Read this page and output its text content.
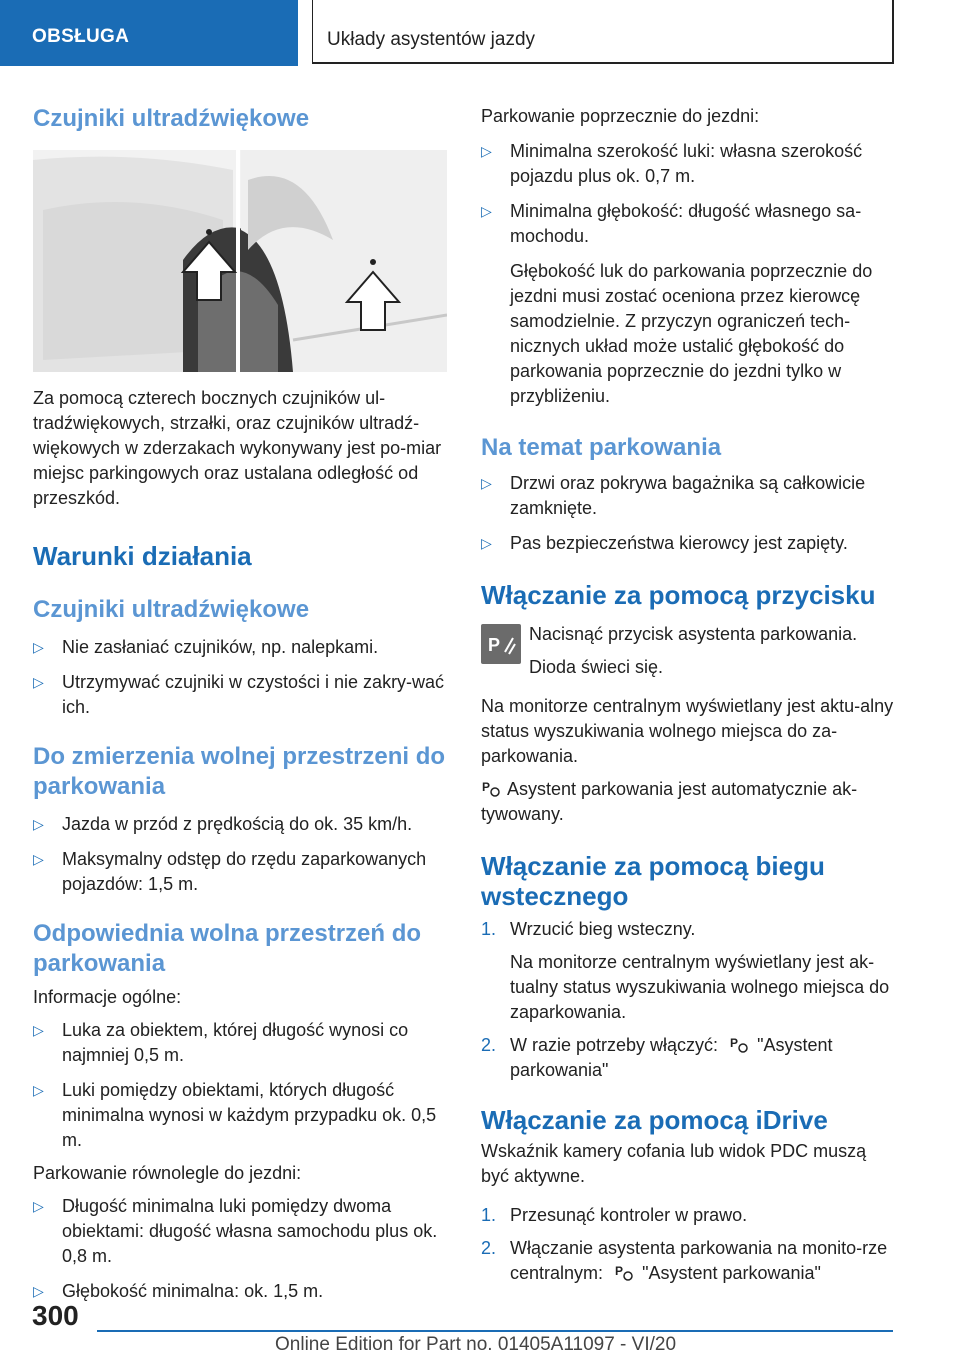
OBSŁUGA	Układy asystentów jazdy
Czujniki ultradźwiękowe

Za pomocą czterech bocznych czujników ul-tradźwiękowych, strzałki, oraz czujników ultradź-więkowych w zderzakach wykonywany jest po-miar miejsc parkingowych oraz ustalana odległość od przeszkód.

Warunki działania
Czujniki ultradźwiękowe
▷ Nie zasłaniać czujników, np. nalepkami.
▷ Utrzymywać czujniki w czystości i nie zakry-wać ich.
Do zmierzenia wolnej przestrzeni do parkowania
▷ Jazda w przód z prędkością do ok. 35 km/h.
▷ Maksymalny odstęp do rzędu zaparkowanych pojazdów: 1,5 m.
Odpowiednia wolna przestrzeń do parkowania

Informacje ogólne:

▷ Luka za obiektem, której długość wynosi co najmniej 0,5 m.
▷ Luki pomiędzy obiektami, których długość minimalna wynosi w każdym przypadku ok. 0,5 m.

Parkowanie równolegle do jezdni:

▷ Długość minimalna luki pomiędzy dwoma obiektami: długość własna samochodu plus ok. 0,8 m.
▷ Głębokość minimalna: ok. 1,5 m.

Parkowanie poprzecznie do jezdni:

▷ Minimalna szerokość luki: własna szerokość pojazdu plus ok. 0,7 m.
▷ Minimalna głębokość: długość własnego sa-mochodu.

Głębokość luk do parkowania poprzecznie do jezdni musi zostać oceniona przez kierowcę samodzielnie. Z przyczyn ograniczeń tech-nicznych układ może ustalić głębokość do parkowania poprzecznie do jezdni tylko w przybliżeniu.

Na temat parkowania
▷ Drzwi oraz pokrywa bagażnika są całkowicie zamknięte.
▷ Pas bezpieczeństwa kierowcy jest zapięty.
Włączanie za pomocą przycisku
P

Nacisnąć przycisk asystenta parkowania.

Dioda świeci się.

Na monitorze centralnym wyświetlany jest aktu-alny status wyszukiwania wolnego miejsca do za-parkowania.

P Asystent parkowania jest automatycznie ak-tywowany.

Włączanie za pomocą biegu wstecznego
1. Wrzucić bieg wsteczny.

Na monitorze centralnym wyświetlany jest ak-tualny status wyszukiwania wolnego miejsca do zaparkowania.

2. W razie potrzeby włączyć: P "Asystent parkowania"
Włączanie za pomocą iDrive

Wskaźnik kamery cofania lub widok PDC muszą być aktywne.

1. Przesunąć kontroler w prawo.
2. Włączanie asystenta parkowania na monito-rze centralnym: P "Asystent parkowania"
300
Online Edition for Part no. 01405A11097 - VI/20
